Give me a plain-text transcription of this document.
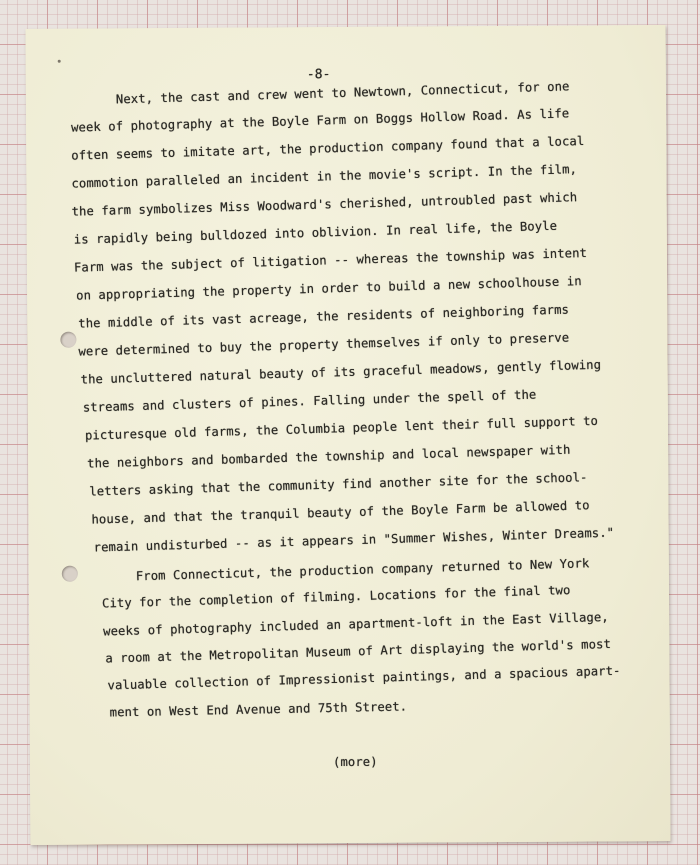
-8-
Next, the cast and crew went to Newtown, Connecticut, for one
week of photography at the Boyle Farm on Boggs Hollow Road. As life
often seems to imitate art, the production company found that a local
commotion paralleled an incident in the movie's script. In the film,
the farm symbolizes Miss Woodward's cherished, untroubled past which
is rapidly being bulldozed into oblivion. In real life, the Boyle
Farm was the subject of litigation -- whereas the township was intent
on appropriating the property in order to build a new schoolhouse in
the middle of its vast acreage, the residents of neighboring farms
were determined to buy the property themselves if only to preserve
the uncluttered natural beauty of its graceful meadows, gently flowing
streams and clusters of pines. Falling under the spell of the
picturesque old farms, the Columbia people lent their full support to
the neighbors and bombarded the township and local newspaper with
letters asking that the community find another site for the school-
house, and that the tranquil beauty of the Boyle Farm be allowed to
remain undisturbed -- as it appears in "Summer Wishes, Winter Dreams."
From Connecticut, the production company returned to New York
City for the completion of filming. Locations for the final two
weeks of photography included an apartment-loft in the East Village,
a room at the Metropolitan Museum of Art displaying the world's most
valuable collection of Impressionist paintings, and a spacious apart-
ment on West End Avenue and 75th Street.
(more)
